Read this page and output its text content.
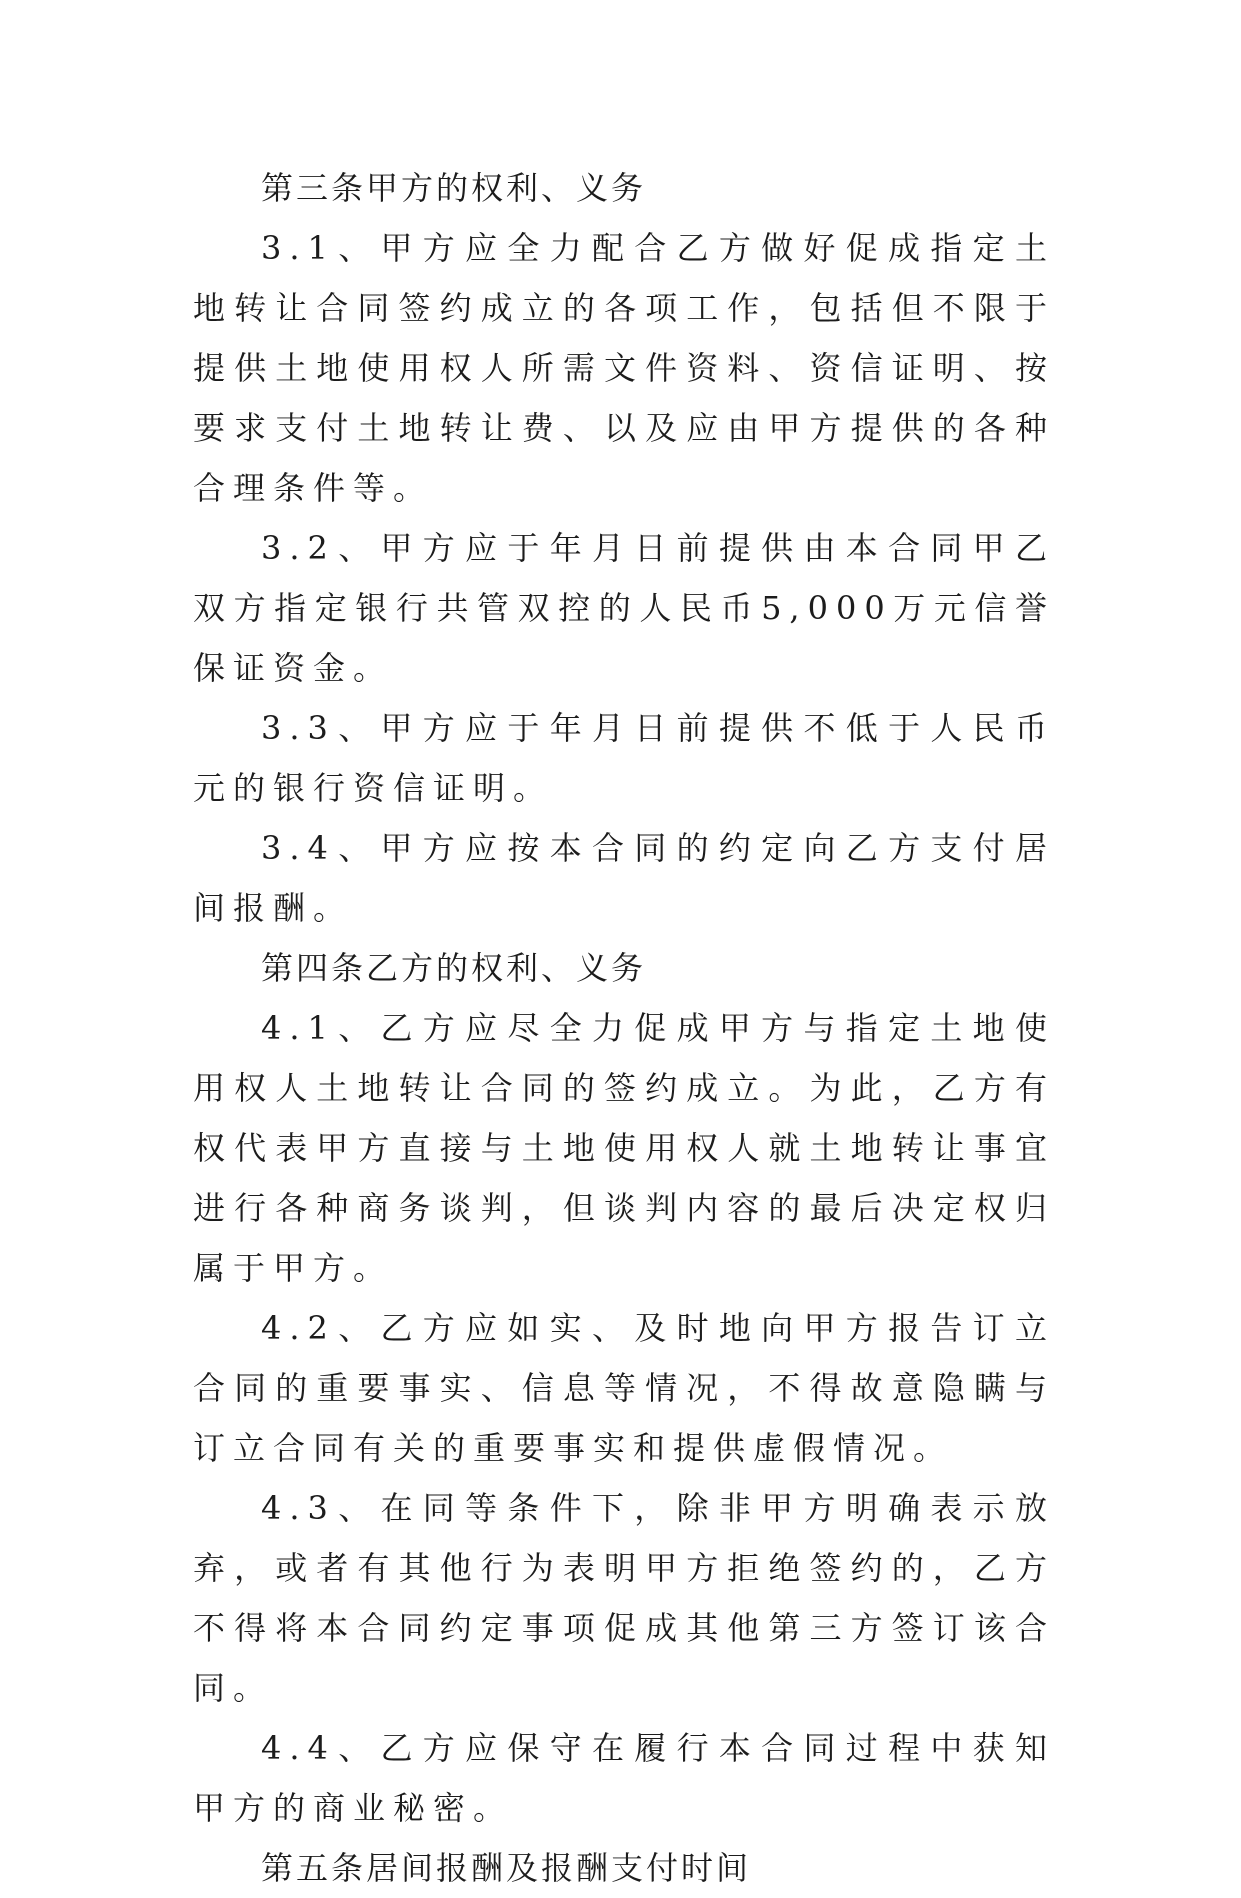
第三条甲方的权利、义务

3.1、甲方应全力配合乙方做好促成指定土地转让合同签约成立的各项工作，包括但不限于提供土地使用权人所需文件资料、资信证明、按要求支付土地转让费、以及应由甲方提供的各种合理条件等。

3.2、甲方应于年月日前提供由本合同甲乙双方指定银行共管双控的人民币5,000万元信誉保证资金。

3.3、甲方应于年月日前提供不低于人民币元的银行资信证明。

3.4、甲方应按本合同的约定向乙方支付居间报酬。

第四条乙方的权利、义务

4.1、乙方应尽全力促成甲方与指定土地使用权人土地转让合同的签约成立。为此，乙方有权代表甲方直接与土地使用权人就土地转让事宜进行各种商务谈判，但谈判内容的最后决定权归属于甲方。

4.2、乙方应如实、及时地向甲方报告订立合同的重要事实、信息等情况，不得故意隐瞒与订立合同有关的重要事实和提供虚假情况。

4.3、在同等条件下，除非甲方明确表示放弃，或者有其他行为表明甲方拒绝签约的，乙方不得将本合同约定事项促成其他第三方签订该合同。

4.4、乙方应保守在履行本合同过程中获知甲方的商业秘密。

第五条居间报酬及报酬支付时间
